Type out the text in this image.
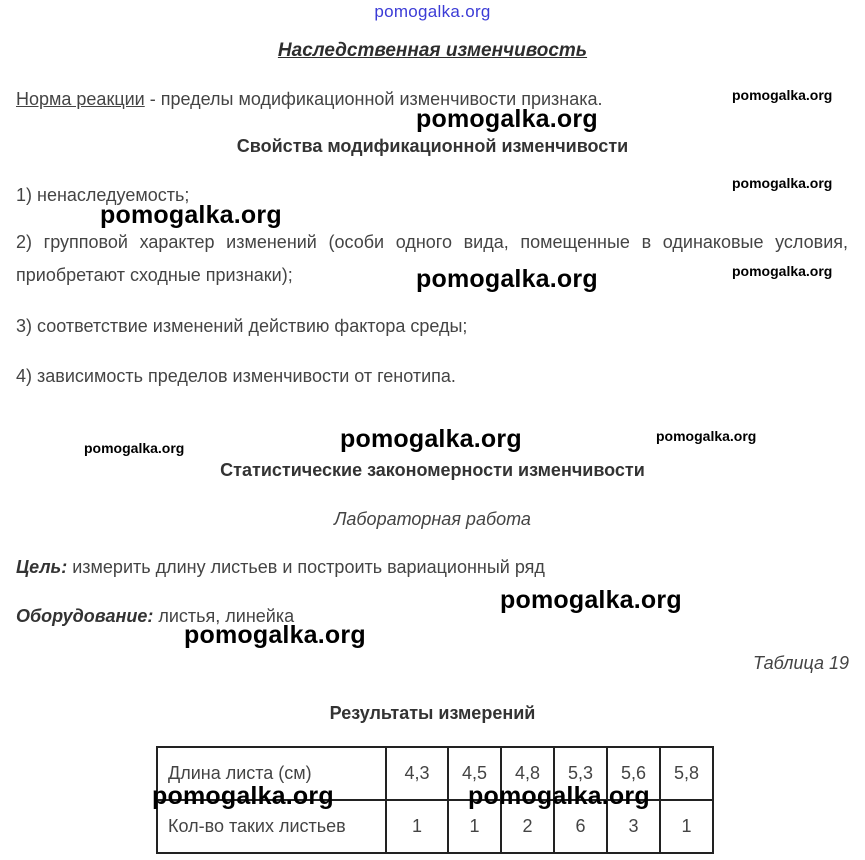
pomogalka.org
Наследственная изменчивость
Норма реакции - пределы модификационной изменчивости признака.
Свойства модификационной изменчивости
1) ненаследуемость;
2) групповой характер изменений (особи одного вида, помещенные в одинаковые условия, приобретают сходные признаки);
3) соответствие изменений действию фактора среды;
4) зависимость пределов изменчивости от генотипа.
Статистические закономерности изменчивости
Лабораторная работа
Цель: измерить длину листьев и построить вариационный ряд
Оборудование: листья, линейка
Таблица 19
Результаты измерений
Длина листа (см)	4,3	4,5	4,8	5,3	5,6	5,8
Кол-во таких листьев	1	1	2	6	3	1
pomogalka.org
pomogalka.org
pomogalka.org
pomogalka.org
pomogalka.org
pomogalka.org
pomogalka.org	pomogalka.org	pomogalka.org
pomogalka.org
pomogalka.org
pomogalka.org	pomogalka.org
